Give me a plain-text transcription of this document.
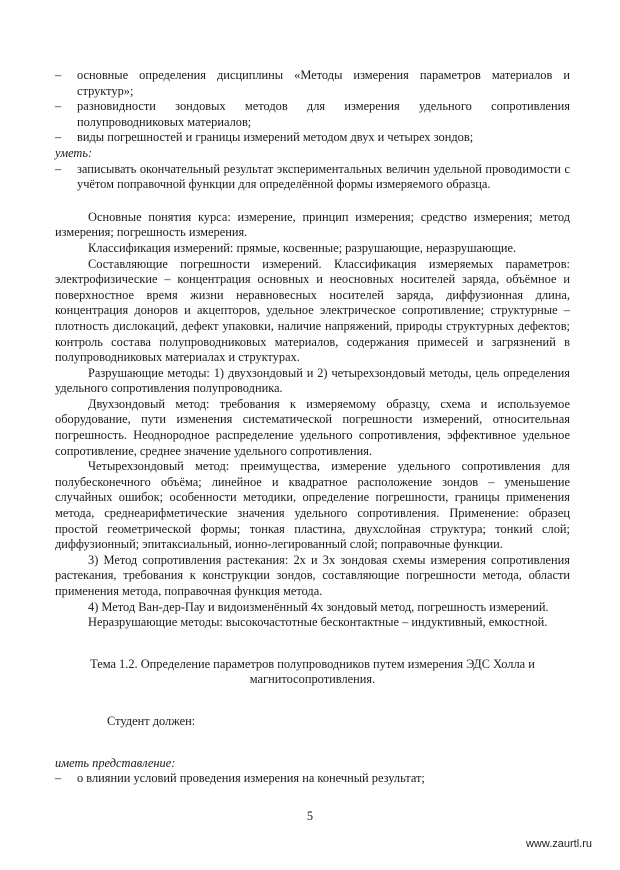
–	основные определения дисциплины «Методы измерения параметров материалов и структур»;
–	разновидности зондовых методов для измерения удельного сопротивления полупроводниковых материалов;
–	виды погрешностей и границы измерений методом двух и четырех зондов;
уметь:
–	записывать окончательный результат экспериментальных величин удельной проводимости с учётом поправочной функции для определённой формы измеряемого образца.
Основные понятия курса: измерение, принцип измерения; средство измерения; метод измерения; погрешность измерения.
Классификация измерений: прямые, косвенные; разрушающие, неразрушающие.
Составляющие погрешности измерений. Классификация измеряемых параметров: электрофизические – концентрация основных и неосновных носителей заряда, объёмное и поверхностное время жизни неравновесных носителей заряда, диффузионная длина, концентрация доноров и акцепторов, удельное электрическое сопротивление; структурные – плотность дислокаций, дефект упаковки, наличие напряжений, природы структурных дефектов; контроль состава полупроводниковых материалов, содержания примесей и загрязнений в полупроводниковых материалах и структурах.
Разрушающие методы: 1) двухзондовый и 2) четырехзондовый методы, цель определения удельного сопротивления полупроводника.
Двухзондовый метод: требования к измеряемому образцу, схема и используемое оборудование, пути изменения систематической погрешности измерений, относительная погрешность. Неоднородное распределение удельного сопротивления, эффективное удельное сопротивление, среднее значение удельного сопротивления.
Четырехзондовый метод: преимущества, измерение удельного сопротивления для полубесконечного объёма; линейное и квадратное расположение зондов – уменьшение случайных ошибок; особенности методики, определение погрешности, границы применения метода, среднеарифметические значения удельного сопротивления. Применение: образец простой геометрической формы; тонкая пластина, двухслойная структура; тонкий слой; диффузионный; эпитаксиальный, ионно-легированный слой; поправочные функции.
3) Метод сопротивления растекания: 2х и 3х зондовая схемы измерения сопротивления растекания, требования к конструкции зондов, составляющие погрешности метода, области применения метода, поправочная функция метода.
4) Метод Ван-дер-Пау и видоизменённый 4х зондовый метод, погрешность измерений.
Неразрушающие методы: высокочастотные бесконтактные – индуктивный, емкостной.
Тема 1.2. Определение параметров полупроводников путем измерения ЭДС Холла и магнитосопротивления.
Студент должен:
иметь представление:
–	о влиянии условий проведения измерения на конечный результат;
5
www.zaurtl.ru
